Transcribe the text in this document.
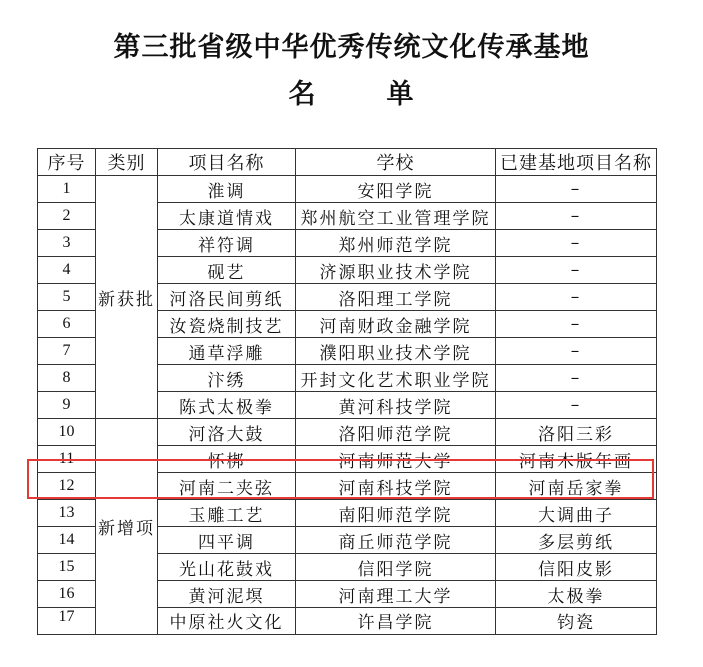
第三批省级中华优秀传统文化传承基地
名	单
序号	类别	项目名称	学校	已建基地项目名称
1	新获批	淮调	安阳学院	–
2		太康道情戏	郑州航空工业管理学院	–
3		祥符调	郑州师范学院	–
4		砚艺	济源职业技术学院	–
5		河洛民间剪纸	洛阳理工学院	–
6		汝瓷烧制技艺	河南财政金融学院	–
7		通草浮雕	濮阳职业技术学院	–
8		汴绣	开封文化艺术职业学院	–
9		陈式太极拳	黄河科技学院	–
10	新增项	河洛大鼓	洛阳师范学院	洛阳三彩
11		怀梆	河南师范大学	河南木版年画
12		河南二夹弦	河南科技学院	河南岳家拳
13		玉雕工艺	南阳师范学院	大调曲子
14		四平调	商丘师范学院	多层剪纸
15		光山花鼓戏	信阳学院	信阳皮影
16		黄河泥塓	河南理工大学	太极拳
17		中原社火文化	许昌学院	钧瓷
